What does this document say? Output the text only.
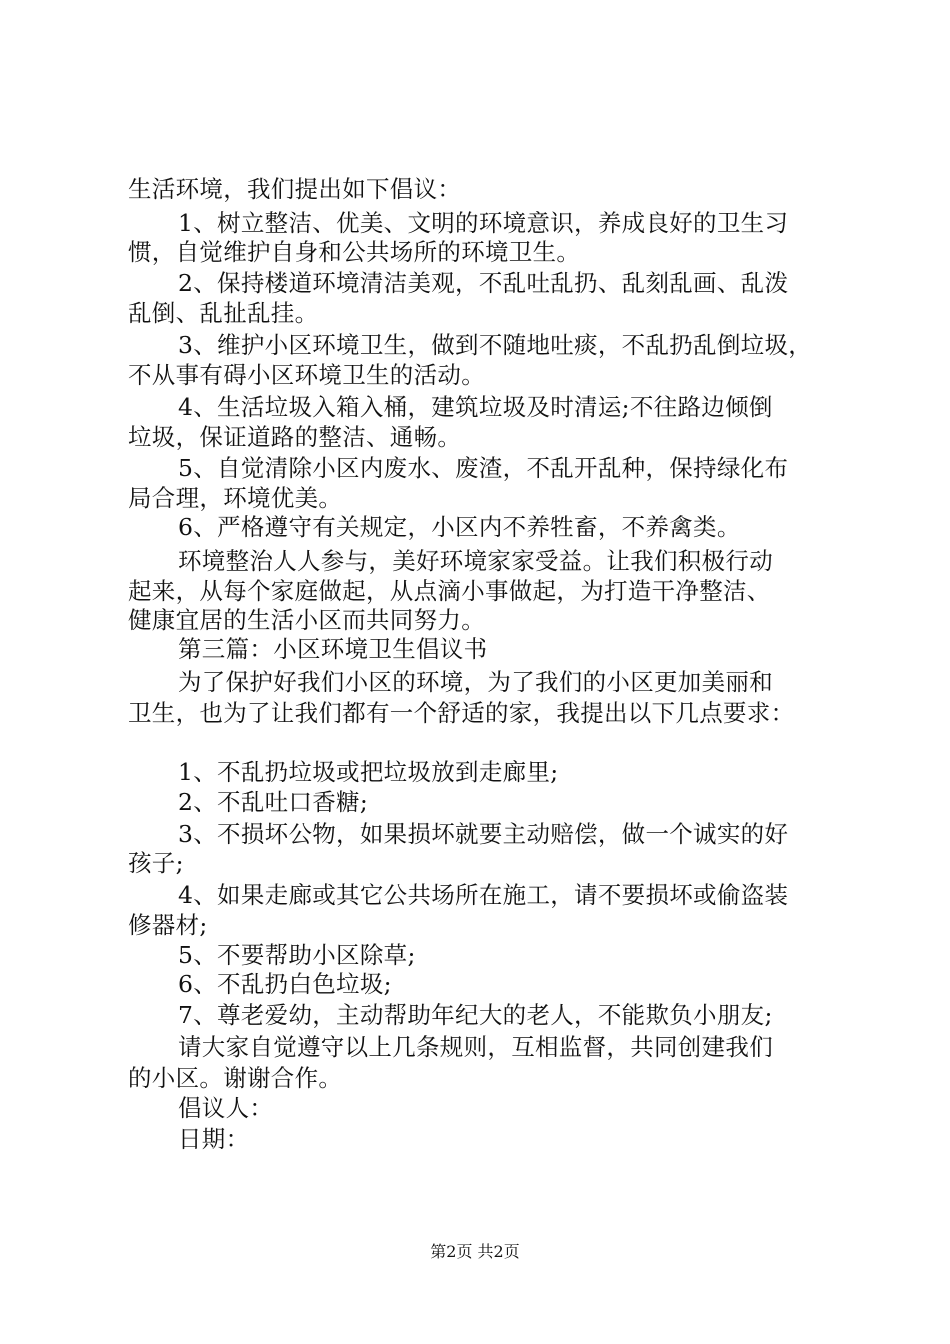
生活环境，我们提出如下倡议：

1、树立整洁、优美、文明的环境意识，养成良好的卫生习

惯，自觉维护自身和公共场所的环境卫生。

2、保持楼道环境清洁美观，不乱吐乱扔、乱刻乱画、乱泼

乱倒、乱扯乱挂。

3、维护小区环境卫生，做到不随地吐痰，不乱扔乱倒垃圾，

不从事有碍小区环境卫生的活动。

4、生活垃圾入箱入桶，建筑垃圾及时清运;不往路边倾倒

垃圾，保证道路的整洁、通畅。

5、自觉清除小区内废水、废渣，不乱开乱种，保持绿化布

局合理，环境优美。

6、严格遵守有关规定，小区内不养牲畜，不养禽类。

环境整治人人参与，美好环境家家受益。让我们积极行动

起来，从每个家庭做起，从点滴小事做起，为打造干净整洁、

健康宜居的生活小区而共同努力。

第三篇：小区环境卫生倡议书

为了保护好我们小区的环境，为了我们的小区更加美丽和

卫生，也为了让我们都有一个舒适的家，我提出以下几点要求：

1、不乱扔垃圾或把垃圾放到走廊里;

2、不乱吐口香糖;

3、不损坏公物，如果损坏就要主动赔偿，做一个诚实的好

孩子;

4、如果走廊或其它公共场所在施工，请不要损坏或偷盗装

修器材;

5、不要帮助小区除草;

6、不乱扔白色垃圾;

7、尊老爱幼，主动帮助年纪大的老人，不能欺负小朋友;

请大家自觉遵守以上几条规则，互相监督，共同创建我们

的小区。谢谢合作。

倡议人：

日期：

第2页 共2页
